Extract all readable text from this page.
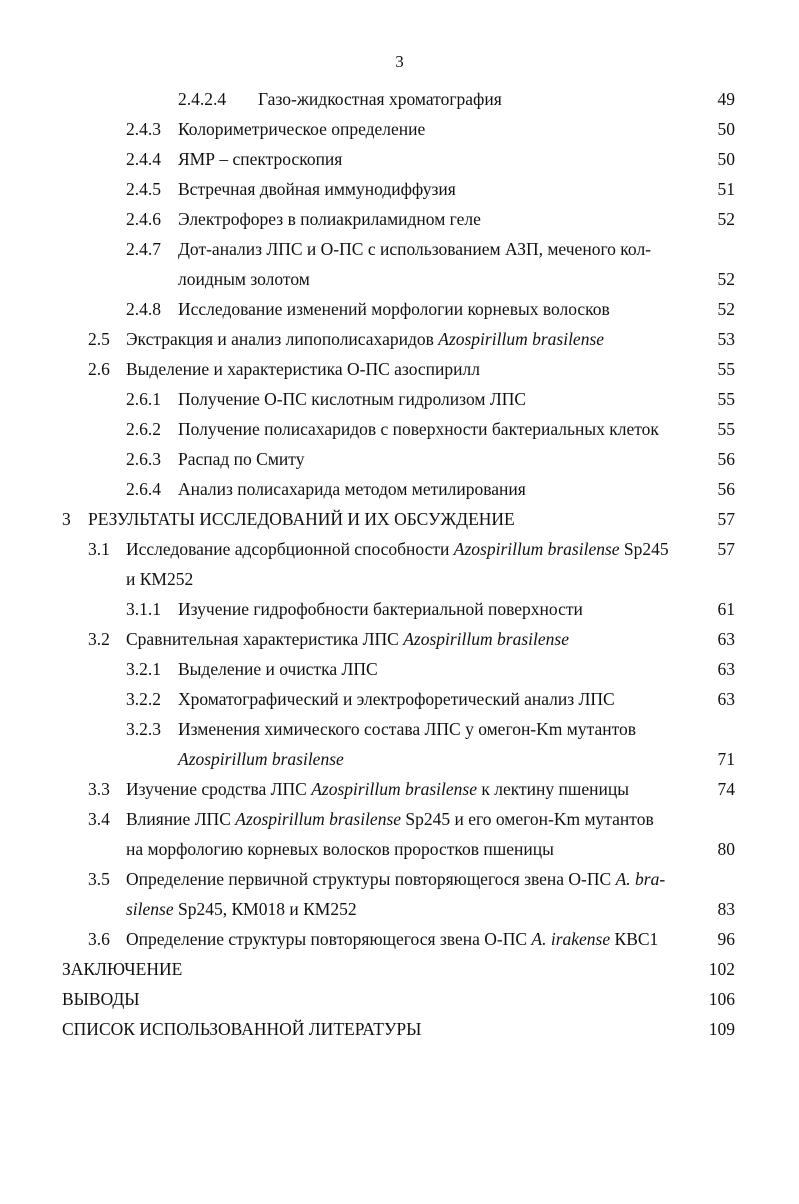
3
2.4.2.4 Газо-жидкостная хроматография	49
2.4.3 Колориметрическое определение	50
2.4.4 ЯМР – спектроскопия	50
2.4.5 Встречная двойная иммунодиффузия	51
2.4.6 Электрофорез в полиакриламидном геле	52
2.4.7 Дот-анализ ЛПС и О-ПС с использованием АЗП, меченого кол-
лоидным золотом	52
2.4.8 Исследование изменений морфологии корневых волосков	52
2.5 Экстракция и анализ липополисахаридов Azospirillum brasilense	53
2.6 Выделение и характеристика О-ПС азоспирилл	55
2.6.1 Получение О-ПС кислотным гидролизом ЛПС	55
2.6.2 Получение полисахаридов с поверхности бактериальных клеток	55
2.6.3 Распад по Смиту	56
2.6.4 Анализ полисахарида методом метилирования	56
3 РЕЗУЛЬТАТЫ ИССЛЕДОВАНИЙ И ИХ ОБСУЖДЕНИЕ	57
3.1 Исследование адсорбционной способности Azospirillum brasilense Sp245	57
и КМ252
3.1.1 Изучение гидрофобности бактериальной поверхности	61
3.2 Сравнительная характеристика ЛПС Azospirillum brasilense	63
3.2.1 Выделение и очистка ЛПС	63
3.2.2 Хроматографический и электрофоретический анализ ЛПС	63
3.2.3 Изменения химического состава ЛПС у омегон-Km мутантов
Azospirillum brasilense	71
3.3 Изучение сродства ЛПС Azospirillum brasilense к лектину пшеницы	74
3.4 Влияние ЛПС Azospirillum brasilense Sp245 и его омегон-Km мутантов
на морфологию корневых волосков проростков пшеницы	80
3.5 Определение первичной структуры повторяющегося звена О-ПС A. bra-
silense Sp245, КМ018 и КМ252	83
3.6 Определение структуры повторяющегося звена О-ПС A. irakense КВС1	96
ЗАКЛЮЧЕНИЕ	102
ВЫВОДЫ	106
СПИСОК ИСПОЛЬЗОВАННОЙ ЛИТЕРАТУРЫ	109
